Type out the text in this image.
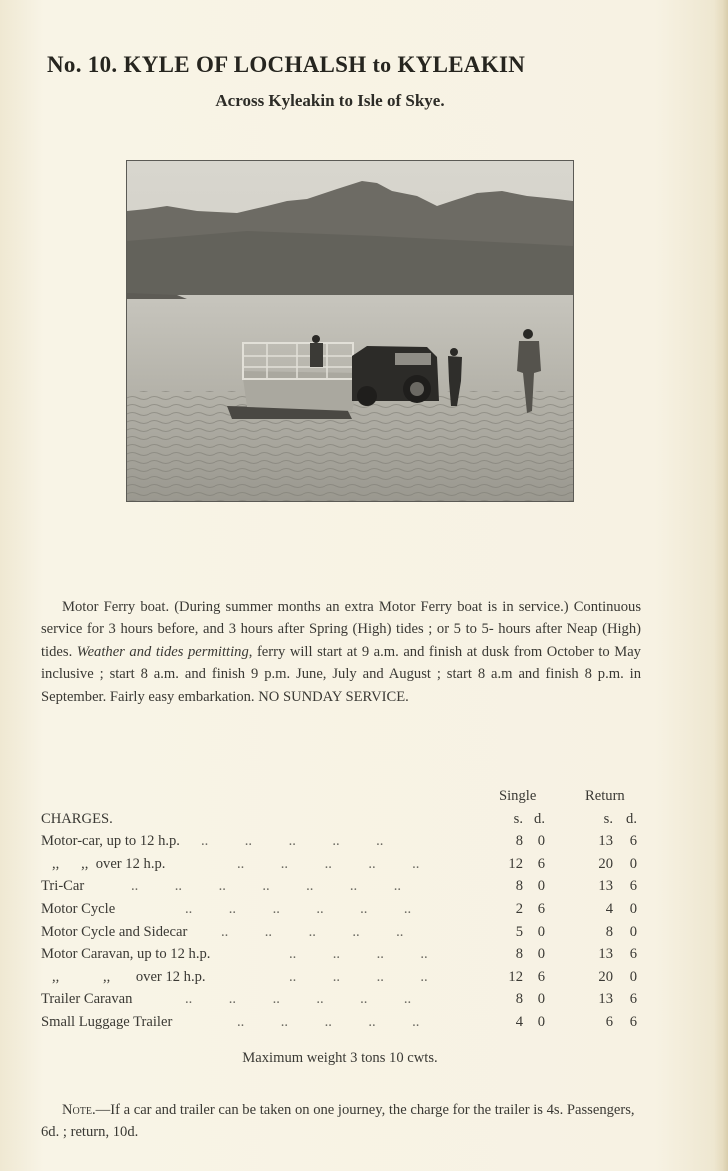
No. 10. KYLE OF LOCHALSH to KYLEAKIN
Across Kyleakin to Isle of Skye.
Motor Ferry boat. (During summer months an extra Motor Ferry boat is in service.) Continuous service for 3 hours before, and 3 hours after Spring (High) tides ; or 5 to 5- hours after Neap (High) tides. Weather and tides permitting, ferry will start at 9 a.m. and finish at dusk from October to May inclusive ; start 8 a.m. and finish 9 p.m. June, July and August ; start 8 a.m and finish 8 p.m. in September. Fairly easy embarkation. NO SUNDAY SERVICE.
Single	Return
CHARGES.	s. d.	s. d.
Motor-car, up to 12 h.p. ..          ..          ..          ..          ..	8	0	13	6
,,      ,,  over 12 h.p.	..          ..          ..          ..          ..	12	6	20	0
Tri-Car	..          ..          ..          ..          ..          ..          ..	8	0	13	6
Motor Cycle	..          ..          ..          ..          ..          ..	2	6	4	0
Motor Cycle and Sidecar ..          ..          ..          ..          ..	5	0	8	0
Motor Caravan, up to 12 h.p.	..          ..          ..          ..	8	0	13	6
,,            ,,       over 12 h.p.	..          ..          ..          ..	12	6	20	0
Trailer Caravan	..          ..          ..          ..          ..          ..	8	0	13	6
Small Luggage Trailer	..          ..          ..          ..          ..	4	0	6	6
Maximum weight 3 tons 10 cwts.
Note.—If a car and trailer can be taken on one journey, the charge for the trailer is 4s. Passengers, 6d. ; return, 10d.
